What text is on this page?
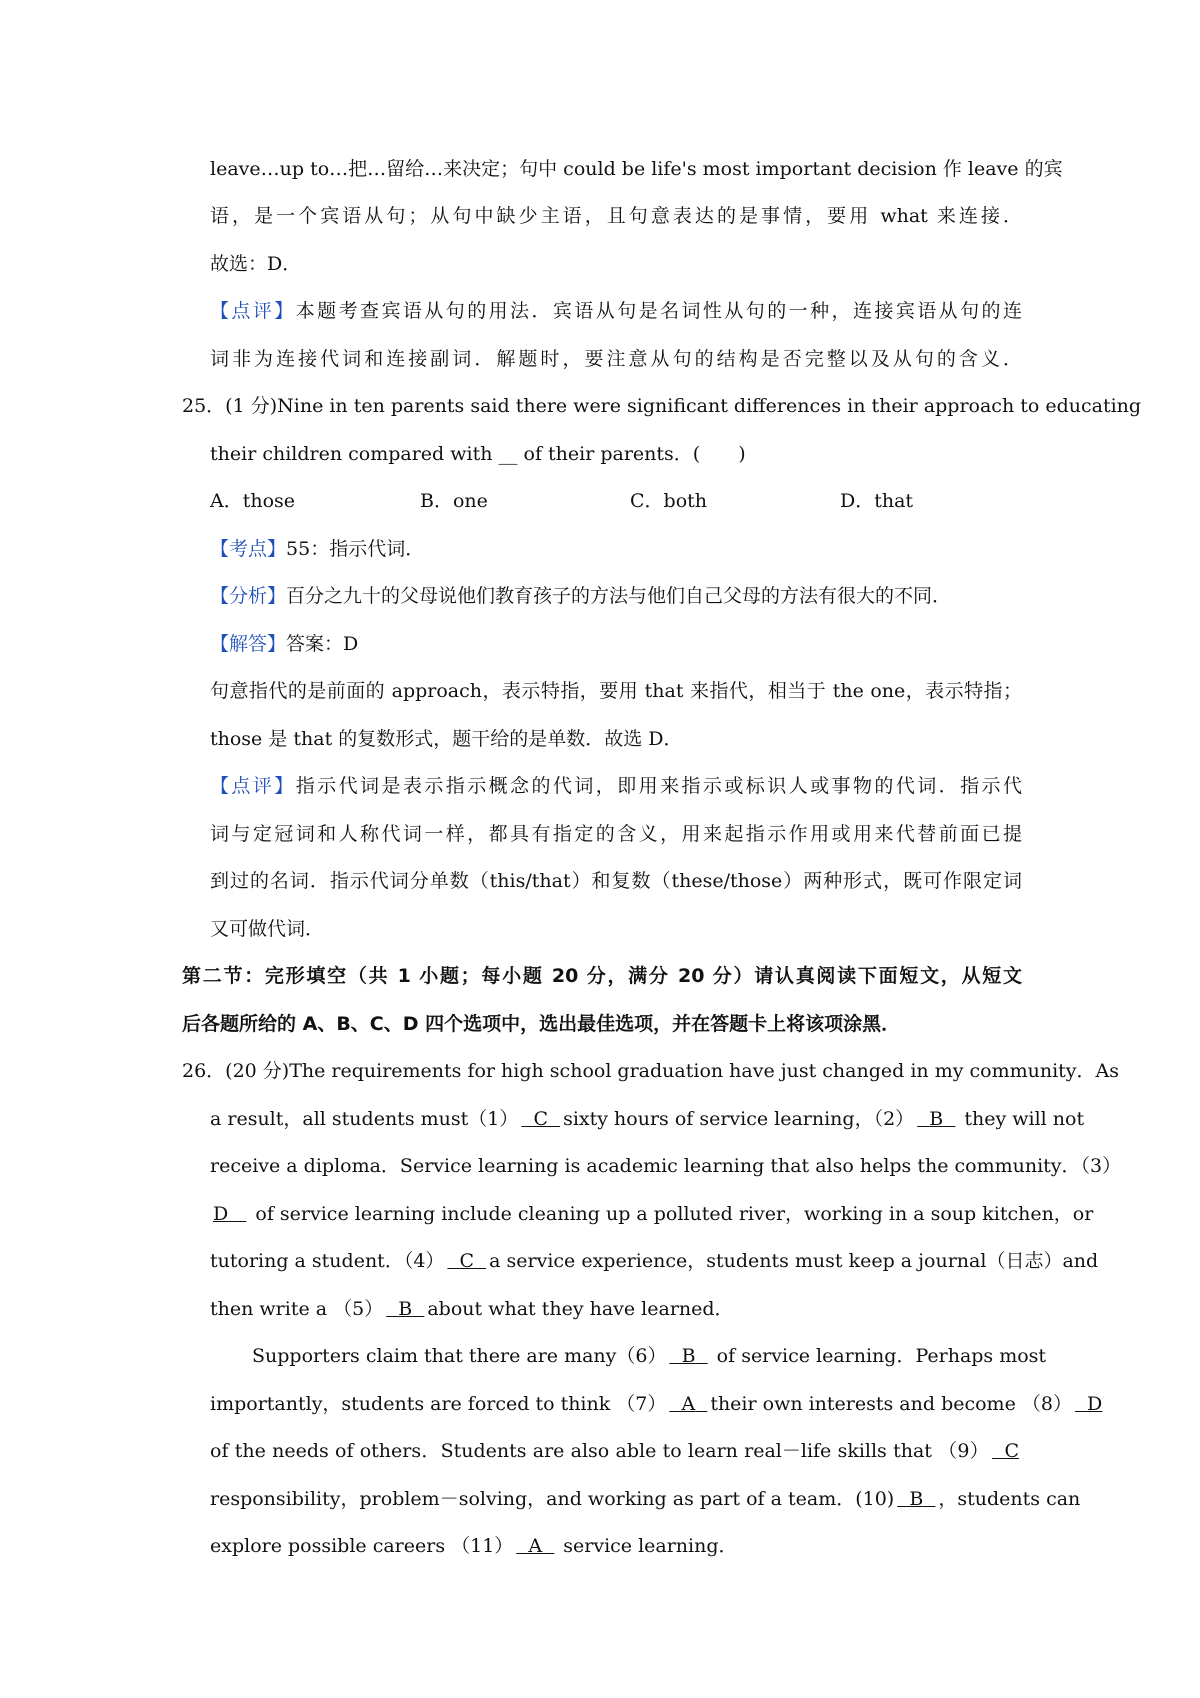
leave…up to…把…留给…来决定；句中 could be life's most important decision 作 leave 的宾
语，是一个宾语从句；从句中缺少主语，且句意表达的是事情，要用 what 来连接．
故选：D．
【点评】本题考查宾语从句的用法．宾语从句是名词性从句的一种，连接宾语从句的连
词非为连接代词和连接副词．解题时，要注意从句的结构是否完整以及从句的含义．
25．(1 分)Nine in ten parents said there were significant differences in their approach to educating
their children compared with __ of their parents．(　　)
A．those	B．one	C．both	D．that
【考点】55：指示代词．
【分析】百分之九十的父母说他们教育孩子的方法与他们自己父母的方法有很大的不同．
【解答】答案：D
句意指代的是前面的 approach，表示特指，要用 that 来指代，相当于 the one，表示特指；
those 是 that 的复数形式，题干给的是单数．故选 D．
【点评】指示代词是表示指示概念的代词，即用来指示或标识人或事物的代词．指示代
词与定冠词和人称代词一样，都具有指定的含义，用来起指示作用或用来代替前面已提
到过的名词．指示代词分单数（this/that）和复数（these/those）两种形式，既可作限定词
又可做代词．
第二节：完形填空（共 1 小题；每小题 20 分，满分 20 分）请认真阅读下面短文，从短文
后各题所给的 A、B、C、D 四个选项中，选出最佳选项，并在答题卡上将该项涂黑．
26．(20 分)The requirements for high school graduation have just changed in my community．As
a result，all students must（1） C sixty hours of service learning，（2） B   they will not
receive a diploma．Service learning is academic learning that also helps the community．（3）
D    of service learning include cleaning up a polluted river，working in a soup kitchen，or
tutoring a student．（4） C a service experience，students must keep a journal（日志）and
then write a （5） B about what they have learned．
Supporters claim that there are many（6） B   of service learning．Perhaps most
importantly，students are forced to think （7） A their own interests and become （8） D
of the needs of others．Students are also able to learn real－life skills that （9） C
responsibility，problem－solving，and working as part of a team．(10) B ，students can
explore possible careers （11） A   service learning．
